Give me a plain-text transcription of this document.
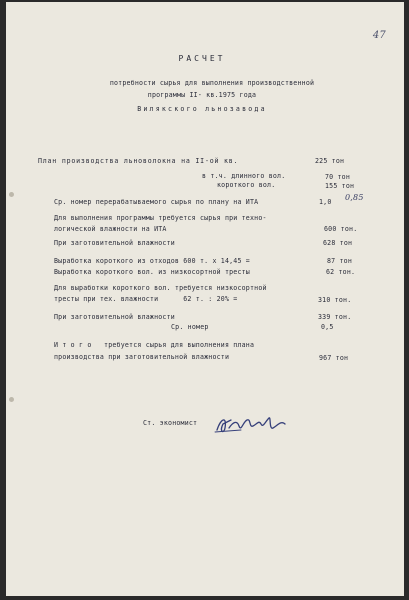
47
РАСЧЕТ
потребности сырья для выполнения производственной
программы II- кв.1975 года
Вилякского льнозавода
План производства льноволокна на II-ой кв.	225 тон
в т.ч. длинного вол.	70 тон
короткого вол.	155 тон
Ср. номер перерабатываемого сырья по плану на ИТА	1,0 0,85
Для выполнения программы требуется сырья при техно-
логической влажности на ИТА	600 тон.
При заготовительной влажности	628 тон
Выработка короткого из отходов 600 т. x 14,45 =	87 тон
Выработка короткого вол. из низкосортной тресты	62 тон.
Для выработки короткого вол. требуется низкосортной
тресты при тех. влажности      62 т. : 20% =	310 тон.
При заготовительной влажности	339 тон.
Ср. номер	0,5
И т о г о   требуется сырья для выполнения плана
производства при заготовительной влажности	967 тон
Ст. экономист
